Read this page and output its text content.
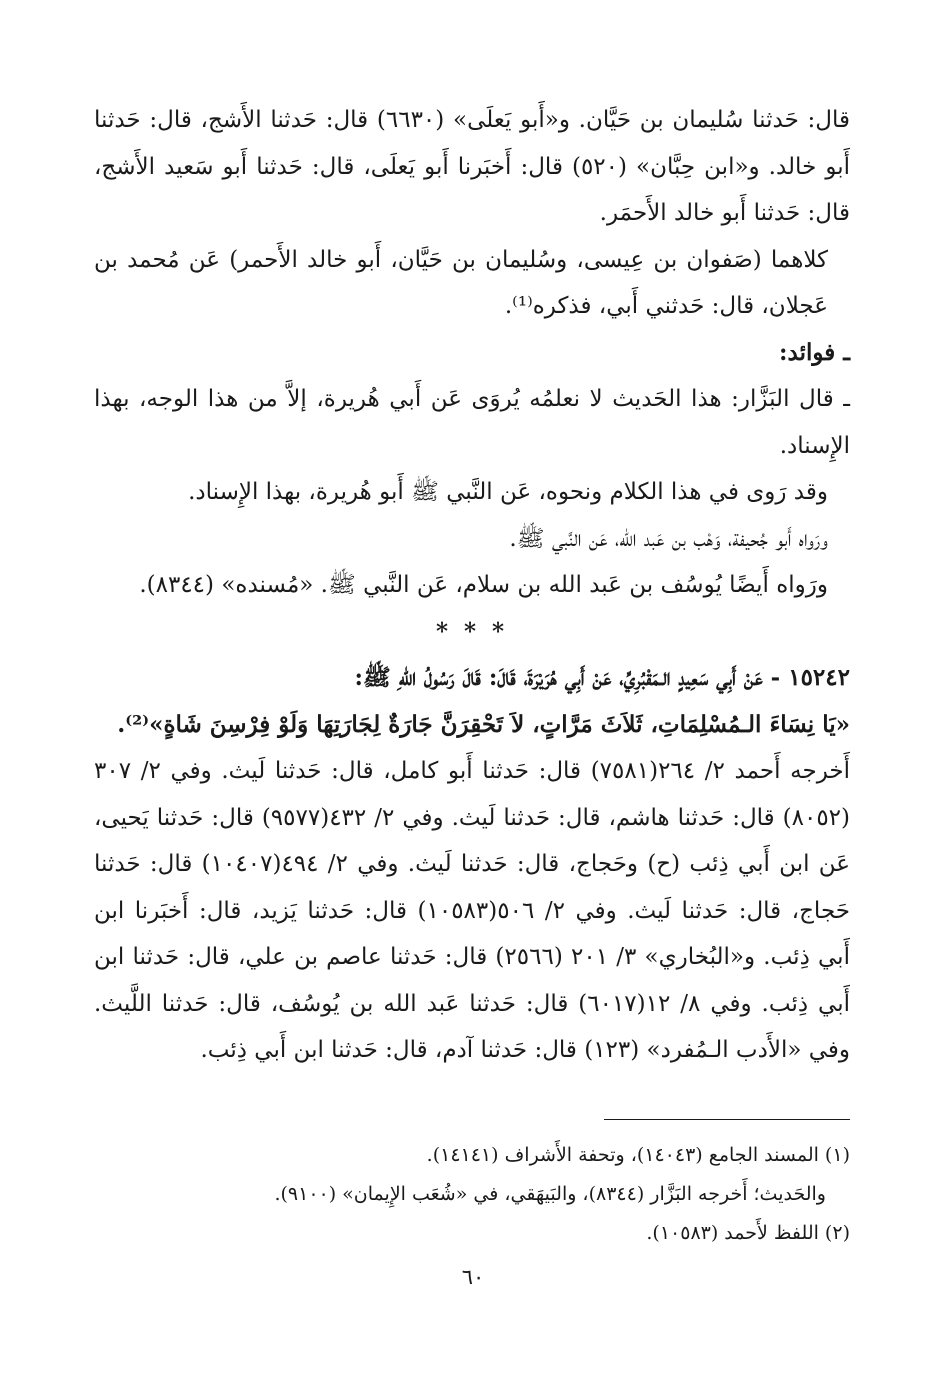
قال: حَدثنا سُليمان بن حَيَّان. و«أَبو يَعلَى» (٦٦٣٠) قال: حَدثنا الأَشج، قال: حَدثنا أَبو خالد. و«ابن حِبَّان» (٥٢٠) قال: أَخبَرنا أَبو يَعلَى، قال: حَدثنا أَبو سَعيد الأَشج، قال: حَدثنا أَبو خالد الأَحمَر.

كلاهما (صَفوان بن عِيسى، وسُليمان بن حَيَّان، أَبو خالد الأَحمر) عَن مُحمد بن عَجلان، قال: حَدثني أَبي، فذكره⁽¹⁾.

ـ فوائد:

ـ قال البَزَّار: هذا الحَديث لا نعلمُه يُروَى عَن أَبي هُريرة، إلاَّ من هذا الوجه، بهذا الإِسناد.

وقد رَوى في هذا الكلام ونحوه، عَن النَّبي ﷺ أَبو هُريرة، بهذا الإِسناد.

ورَواه أَبو جُحيفة، وَهْب بن عَبد الله، عَن النَّبي ﷺ.

ورَواه أَيضًا يُوسُف بن عَبد الله بن سلام، عَن النَّبي ﷺ. «مُسنده» (٨٣٤٤).

* * *

١٥٢٤٢ - عَنْ أَبِي سَعِيدٍ الـمَقْبُرِيِّ، عَنْ أَبِي هُرَيْرَةَ، قَالَ: قَالَ رَسُولُ اللهِ ﷺ:

«يَا نِسَاءَ الـمُسْلِمَاتِ، ثَلاَثَ مَرَّاتٍ، لاَ تَحْقِرَنَّ جَارَةٌ لِجَارَتِهَا وَلَوْ فِرْسِنَ شَاةٍ»⁽²⁾.

أَخرجه أَحمد ٢/ ٢٦٤(٧٥٨١) قال: حَدثنا أَبو كامل، قال: حَدثنا لَيث. وفي ٢/ ٣٠٧ (٨٠٥٢) قال: حَدثنا هاشم، قال: حَدثنا لَيث. وفي ٢/ ٤٣٢(٩٥٧٧) قال: حَدثنا يَحيى، عَن ابن أَبي ذِئب (ح) وحَجاج، قال: حَدثنا لَيث. وفي ٢/ ٤٩٤(١٠٤٠٧) قال: حَدثنا حَجاج، قال: حَدثنا لَيث. وفي ٢/ ٥٠٦(١٠٥٨٣) قال: حَدثنا يَزيد، قال: أَخبَرنا ابن أَبي ذِئب. و«البُخاري» ٣/ ٢٠١ (٢٥٦٦) قال: حَدثنا عاصم بن علي، قال: حَدثنا ابن أَبي ذِئب. وفي ٨/ ١٢(٦٠١٧) قال: حَدثنا عَبد الله بن يُوسُف، قال: حَدثنا اللَّيث. وفي «الأَدب الـمُفرد» (١٢٣) قال: حَدثنا آدم، قال: حَدثنا ابن أَبي ذِئب.

(١) المسند الجامع (١٤٠٤٣)، وتحفة الأَشراف (١٤١٤١).

والحَديث؛ أَخرجه البَزَّار (٨٣٤٤)، والبَيهَقي، في «شُعَب الإِيمان» (٩١٠٠).

(٢) اللفظ لأَحمد (١٠٥٨٣).

٦٠
